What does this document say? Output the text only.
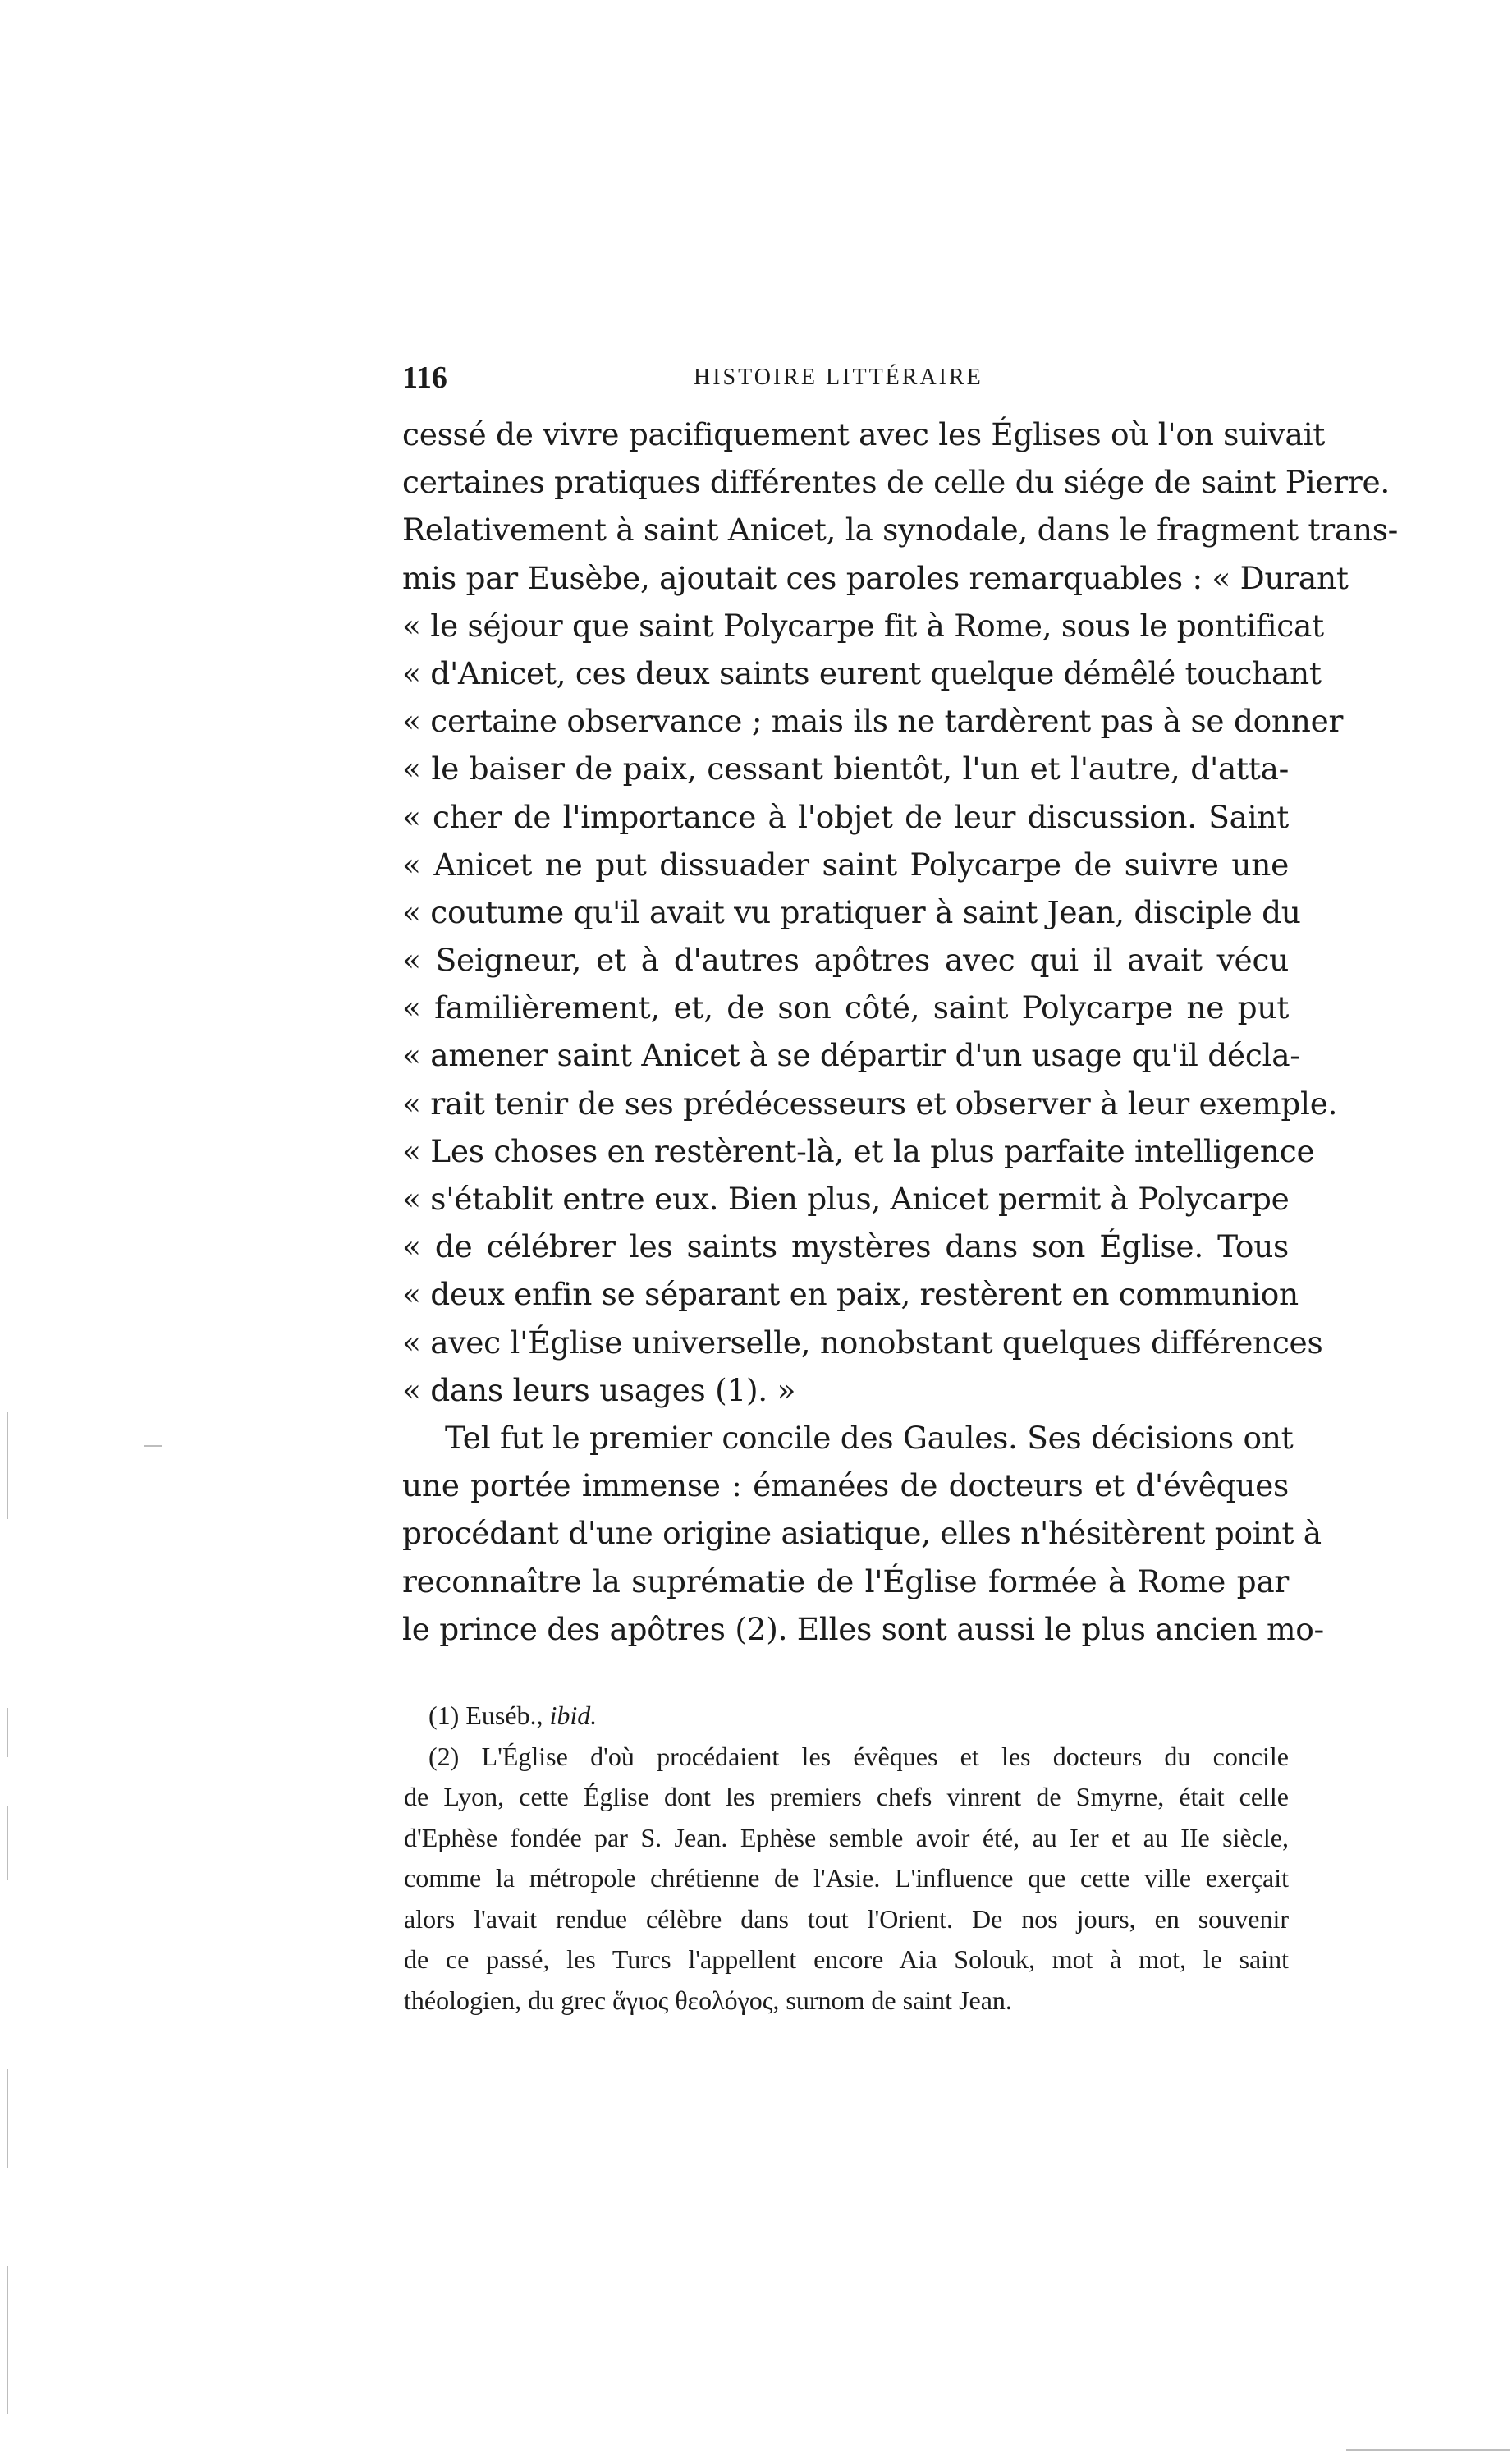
116	HISTOIRE LITTÉRAIRE
cessé de vivre pacifiquement avec les Églises où l'on suivait
certaines pratiques différentes de celle du siége de saint Pierre.
Relativement à saint Anicet, la synodale, dans le fragment trans-
mis par Eusèbe, ajoutait ces paroles remarquables : « Durant
« le séjour que saint Polycarpe fit à Rome, sous le pontificat
« d'Anicet, ces deux saints eurent quelque démêlé touchant
« certaine observance ; mais ils ne tardèrent pas à se donner
« le baiser de paix, cessant bientôt, l'un et l'autre, d'atta-
« cher de l'importance à l'objet de leur discussion. Saint
« Anicet ne put dissuader saint Polycarpe de suivre une
« coutume qu'il avait vu pratiquer à saint Jean, disciple du
« Seigneur, et à d'autres apôtres avec qui il avait vécu
« familièrement, et, de son côté, saint Polycarpe ne put
« amener saint Anicet à se départir d'un usage qu'il décla-
« rait tenir de ses prédécesseurs et observer à leur exemple.
« Les choses en restèrent-là, et la plus parfaite intelligence
« s'établit entre eux. Bien plus, Anicet permit à Polycarpe
« de célébrer les saints mystères dans son Église. Tous
« deux enfin se séparant en paix, restèrent en communion
« avec l'Église universelle, nonobstant quelques différences
« dans leurs usages (1). »
Tel fut le premier concile des Gaules. Ses décisions ont
une portée immense : émanées de docteurs et d'évêques
procédant d'une origine asiatique, elles n'hésitèrent point à
reconnaître la suprématie de l'Église formée à Rome par
le prince des apôtres (2). Elles sont aussi le plus ancien mo-
(1) Euséb., ibid.
(2) L'Église d'où procédaient les évêques et les docteurs du concile
de Lyon, cette Église dont les premiers chefs vinrent de Smyrne, était celle
d'Ephèse fondée par S. Jean. Ephèse semble avoir été, au Ier et au IIe siècle,
comme la métropole chrétienne de l'Asie. L'influence que cette ville exerçait
alors l'avait rendue célèbre dans tout l'Orient. De nos jours, en souvenir
de ce passé, les Turcs l'appellent encore Aia Solouk, mot à mot, le saint
théologien, du grec ἅγιος θεολόγος, surnom de saint Jean.
